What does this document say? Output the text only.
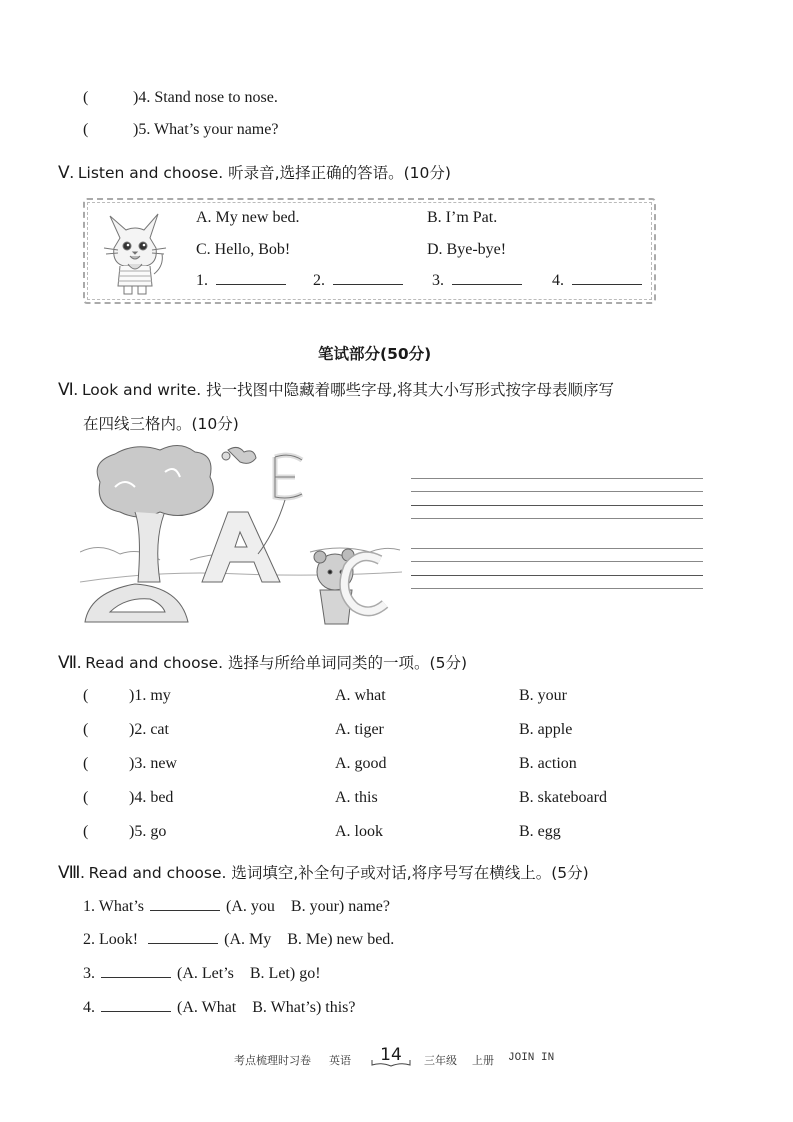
(	)4. Stand nose to nose.
(	)5. What’s your name?
Ⅴ. Listen and choose. 听录音,选择正确的答语。(10分)
A. My new bed.	B. I’m Pat.
C. Hello, Bob!	D. Bye-bye!
1.	2.	3.	4.
笔试部分(50分)
Ⅵ. Look and write. 找一找图中隐藏着哪些字母,将其大小写形式按字母表顺序写
在四线三格内。(10分)
Ⅶ. Read and choose. 选择与所给单词同类的一项。(5分)
(	)1. my	A. what	B. your
(	)2. cat	A. tiger	B. apple
(	)3. new	A. good	B. action
(	)4. bed	A. this	B. skateboard
(	)5. go	A. look	B. egg
Ⅷ. Read and choose. 选词填空,补全句子或对话,将序号写在横线上。(5分)
1. What’s	(A. you    B. your) name?
2. Look!	(A. My    B. Me) new bed.
3.	(A. Let’s    B. Let) go!
4.	(A. What    B. What’s) this?
考点梳理时习卷 英语	14	三年级 上册 JOIN IN
